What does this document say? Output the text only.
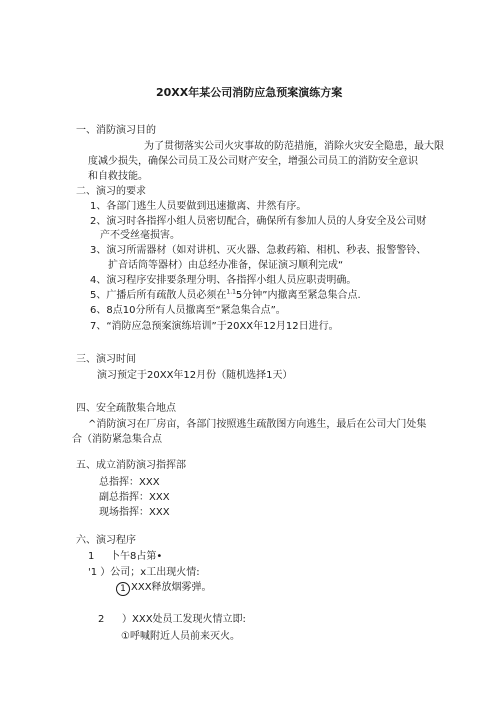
20XX年某公司消防应急预案演练方案
一、消防演习目的
为了贯彻落实公司火灾事故的防范措施，消除火灾安全隐患，最大限
度减少损失，确保公司员工及公司财产安全，增强公司员工的消防安全意识
和自救技能。
二、演习的要求
1、各部门逃生人员要做到迅速撤离、井然有序。
2、演习时各指挥小组人员密切配合，确保所有参加人员的人身安全及公司财
产不受丝毫损害。
3、演习所需器材（如对讲机、灭火器、急救药箱、相机、秒表、报警警铃、
扩音话筒等器材）由总经办准备，保证演习顺利完成“
4、演习程序安排要条理分明、各指挥小组人员应职责明确。
5、广播后所有疏散人员必须在$^{1.1}$5分钟”内撤离至紧急集合点.
6、8点10分所有人员撤离至“紧急集合点”。
7、“消防应急预案演练培训”于20XX年12月12日进行。
三、演习时间
演习预定于20XX年12月份（随机选择1天）
四、安全疏散集合地点
^消防演习在厂房亩，各部门按照逃生疏散图方向逃生，最后在公司大门处集
合（消防紧急集合点
五、成立消防演习指挥部
总指挥：XXX
副总指挥：XXX
现场指挥：XXX
六、演习程序
1 卜午8占第•
'1 ）公司；x工出现火情:
1 XXX释放烟雾弹。
2 ）XXX处员工发现火情立即:
①呼喊附近人员前来灭火。
